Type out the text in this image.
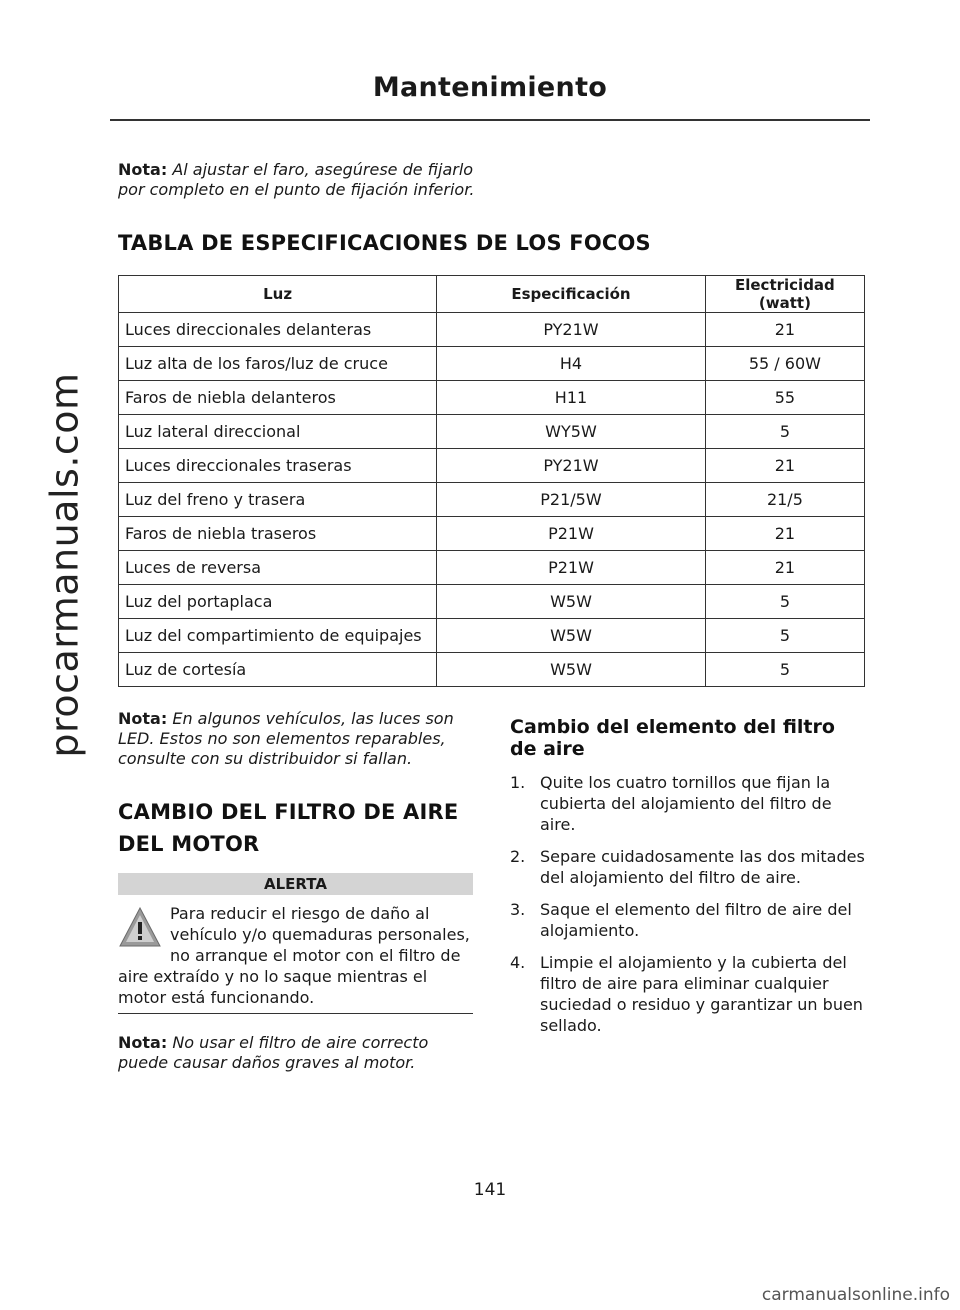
procarmanuals.com
Mantenimiento
Nota: Al ajustar el faro, asegúrese de fijarlo por completo en el punto de fijación inferior.
TABLA DE ESPECIFICACIONES DE LOS FOCOS
Luz	Especificación	Electricidad (watt)
Luces direccionales delanteras	PY21W	21
Luz alta de los faros/luz de cruce	H4	55 / 60W
Faros de niebla delanteros	H11	55
Luz lateral direccional	WY5W	5
Luces direccionales traseras	PY21W	21
Luz del freno y trasera	P21/5W	21/5
Faros de niebla traseros	P21W	21
Luces de reversa	P21W	21
Luz del portaplaca	W5W	5
Luz del compartimiento de equipajes	W5W	5
Luz de cortesía	W5W	5
Nota: En algunos vehículos, las luces son LED. Estos no son elementos reparables, consulte con su distribuidor si fallan.
CAMBIO DEL FILTRO DE AIRE
DEL MOTOR
ALERTA
Para reducir el riesgo de daño al vehículo y/o quemaduras personales, no arranque el motor con el filtro de aire extraído y no lo saque mientras el motor está funcionando.
Nota: No usar el filtro de aire correcto puede causar daños graves al motor.
Cambio del elemento del filtro de aire
1. Quite los cuatro tornillos que fijan la cubierta del alojamiento del filtro de aire.
2. Separe cuidadosamente las dos mitades del alojamiento del filtro de aire.
3. Saque el elemento del filtro de aire del alojamiento.
4. Limpie el alojamiento y la cubierta del filtro de aire para eliminar cualquier suciedad o residuo y garantizar un buen sellado.
141
carmanualsonline.info
